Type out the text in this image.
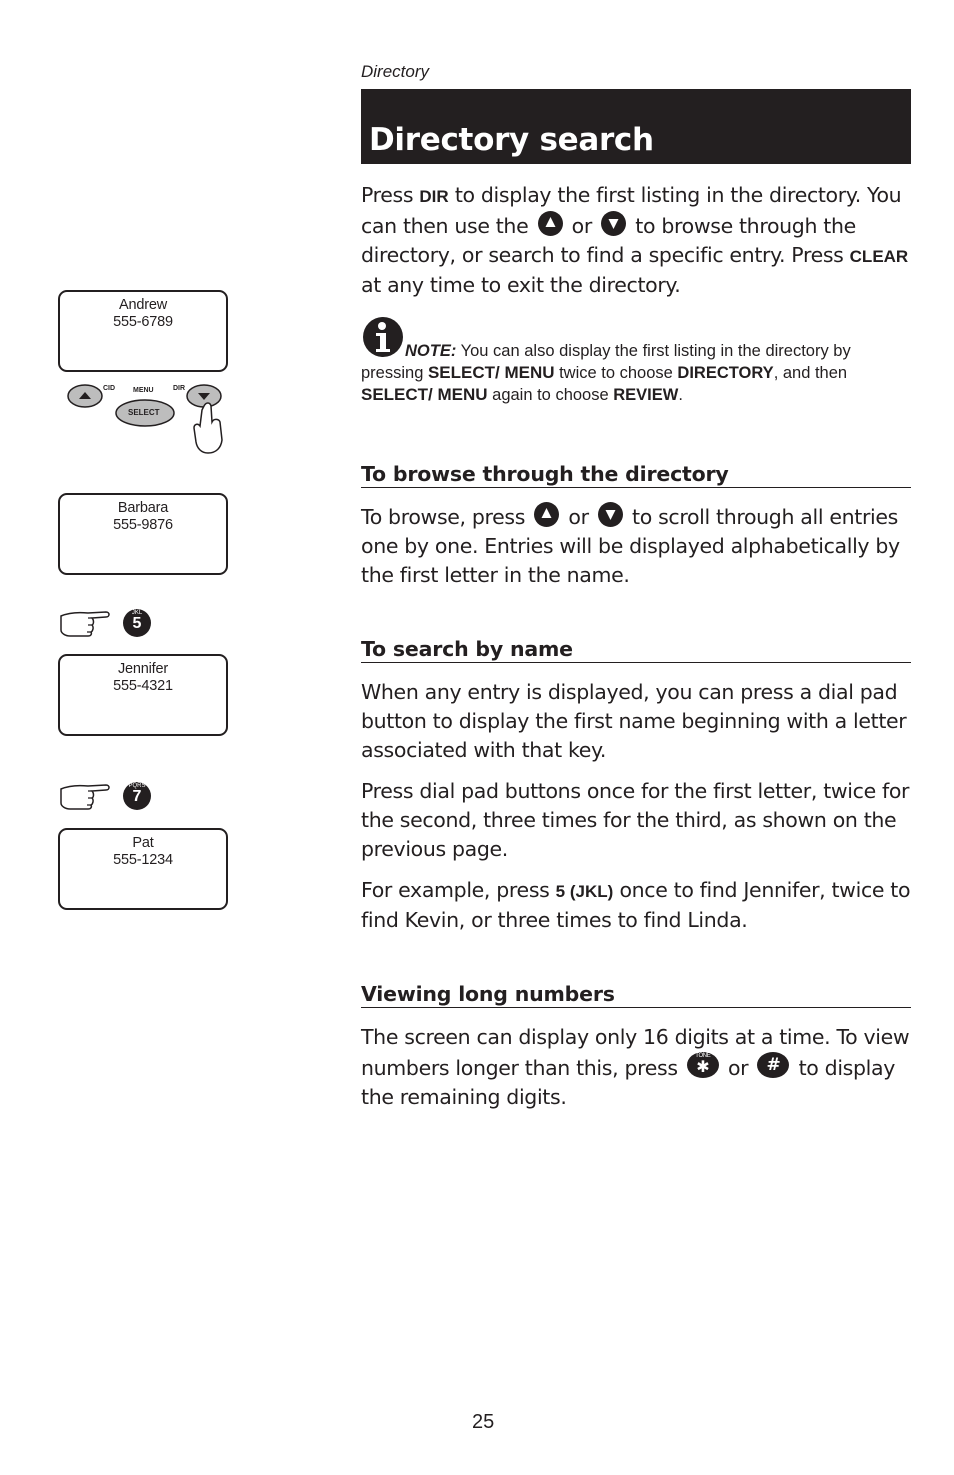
Directory
Directory search

Press DIR to display the first listing in the directory. You can then use the
or
to browse through the directory, or search to find a specific entry. Press CLEAR at any time to exit the directory.

NOTE: You can also display the first listing in the directory by pressing SELECT/ MENU twice to choose DIRECTORY, and then SELECT/ MENU again to choose REVIEW.
To browse through the directory

To browse, press
or
to scroll through all entries one by one. Entries will be displayed alphabetically by the first letter in the name.

To search by name

When any entry is displayed, you can press a dial pad button to display the first name beginning with a letter associated with that key.

Press dial pad buttons once for the first letter, twice for the second, three times for the third, as shown on the previous page.

For example, press 5 (JKL) once to find Jennifer, twice to find Kevin, or three times to find Linda.

Viewing long numbers

The screen can display only 16 digits at a time. To view numbers longer than this, press	TONE
✱ or # to display the remaining digits.

Andrew
555-6789
CID	MENU	DIR
SELECT
Barbara
555-9876
JKL
5
Jennifer
555-4321
PQRS
7
Pat
555-1234
25
